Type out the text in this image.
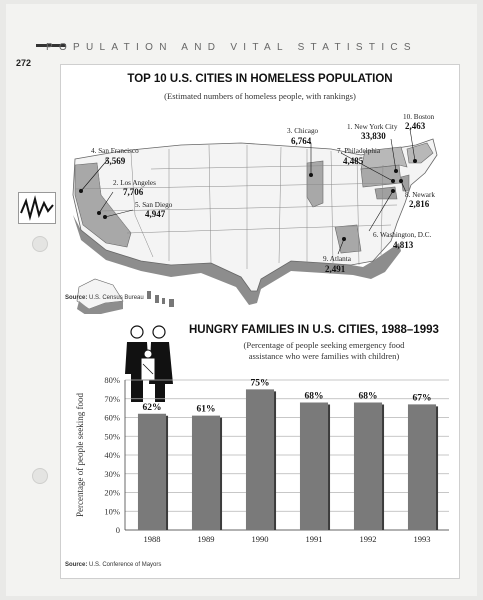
POPULATION AND VITAL STATISTICS
272
TOP 10 U.S. CITIES IN HOMELESS POPULATION
(Estimated numbers of homeless people, with rankings)
4. San Francisco
5,569
2. Los Angeles
7,706
5. San Diego
4,947
3. Chicago
6,764
1. New York City
33,830
7. Philadelphia
4,485
10. Boston
2,463
8. Newark
2,816
6. Washington, D.C.
4,813
9. Atlanta
2,491
Source: U.S. Census Bureau
HUNGRY FAMILIES IN U.S. CITIES, 1988–1993
(Percentage of people seeking emergency food
assistance who were families with children)
0
10%
20%
30%
40%
50%
60%
70%
80%
Percentage of people seeking food	62%
1988
61%
1989
75%
1990
68%
1991
68%
1992
67%
1993
Source: U.S. Conference of Mayors
